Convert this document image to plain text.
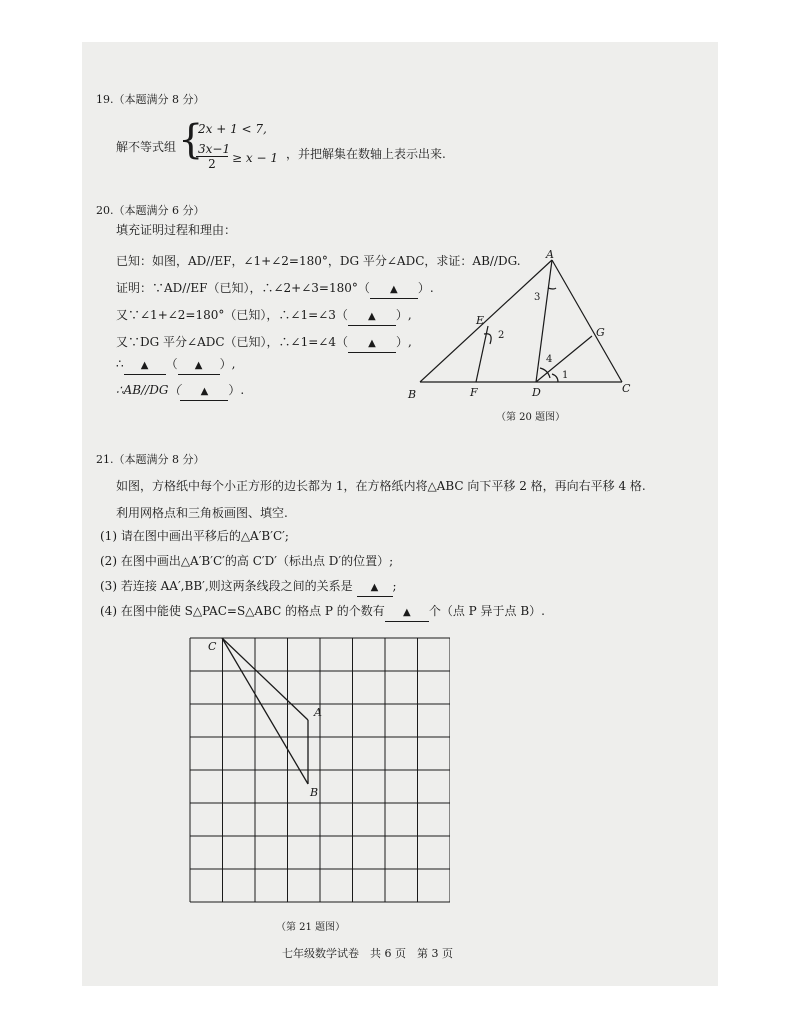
19.（本题满分 8 分）
解不等式组 {
2x + 1 < 7,
$\frac{3x-1}{2} \ge x - 1$ ，并把解集在数轴上表示出来.
20.（本题满分 6 分）
填充证明过程和理由：
已知：如图，AD//EF，∠1+∠2=180°，DG 平分∠ADC，求证：AB//DG.
证明：∵AD//EF（已知），∴∠2+∠3=180°（ ▲ ）.
又∵∠1+∠2=180°（已知），∴∠1=∠3（ ▲ ）,
又∵DG 平分∠ADC（已知），∴∠1=∠4（ ▲ ）,
∴ ▲ （ ▲ ）,
∴AB//DG（ ▲ ）.
A
B	C
D
E
F
G
1
2
3
4
（第 20 题图）
21.（本题满分 8 分）
如图，方格纸中每个小正方形的边长都为 1，在方格纸内将△ABC 向下平移 2 格，再向右平移 4 格.
利用网格点和三角板画图、填空.
(1) 请在图中画出平移后的△A′B′C′;
(2) 在图中画出△A′B′C′的高 C′D′（标出点 D′的位置）;
(3) 若连接 AA′,BB′,则这两条线段之间的关系是 ▲ ;
(4) 在图中能使 S△PAC=S△ABC 的格点 P 的个数有 ▲ 个（点 P 异于点 B）.
C
A
B
（第 21 题图）
七年级数学试卷　共 6 页　第 3 页
